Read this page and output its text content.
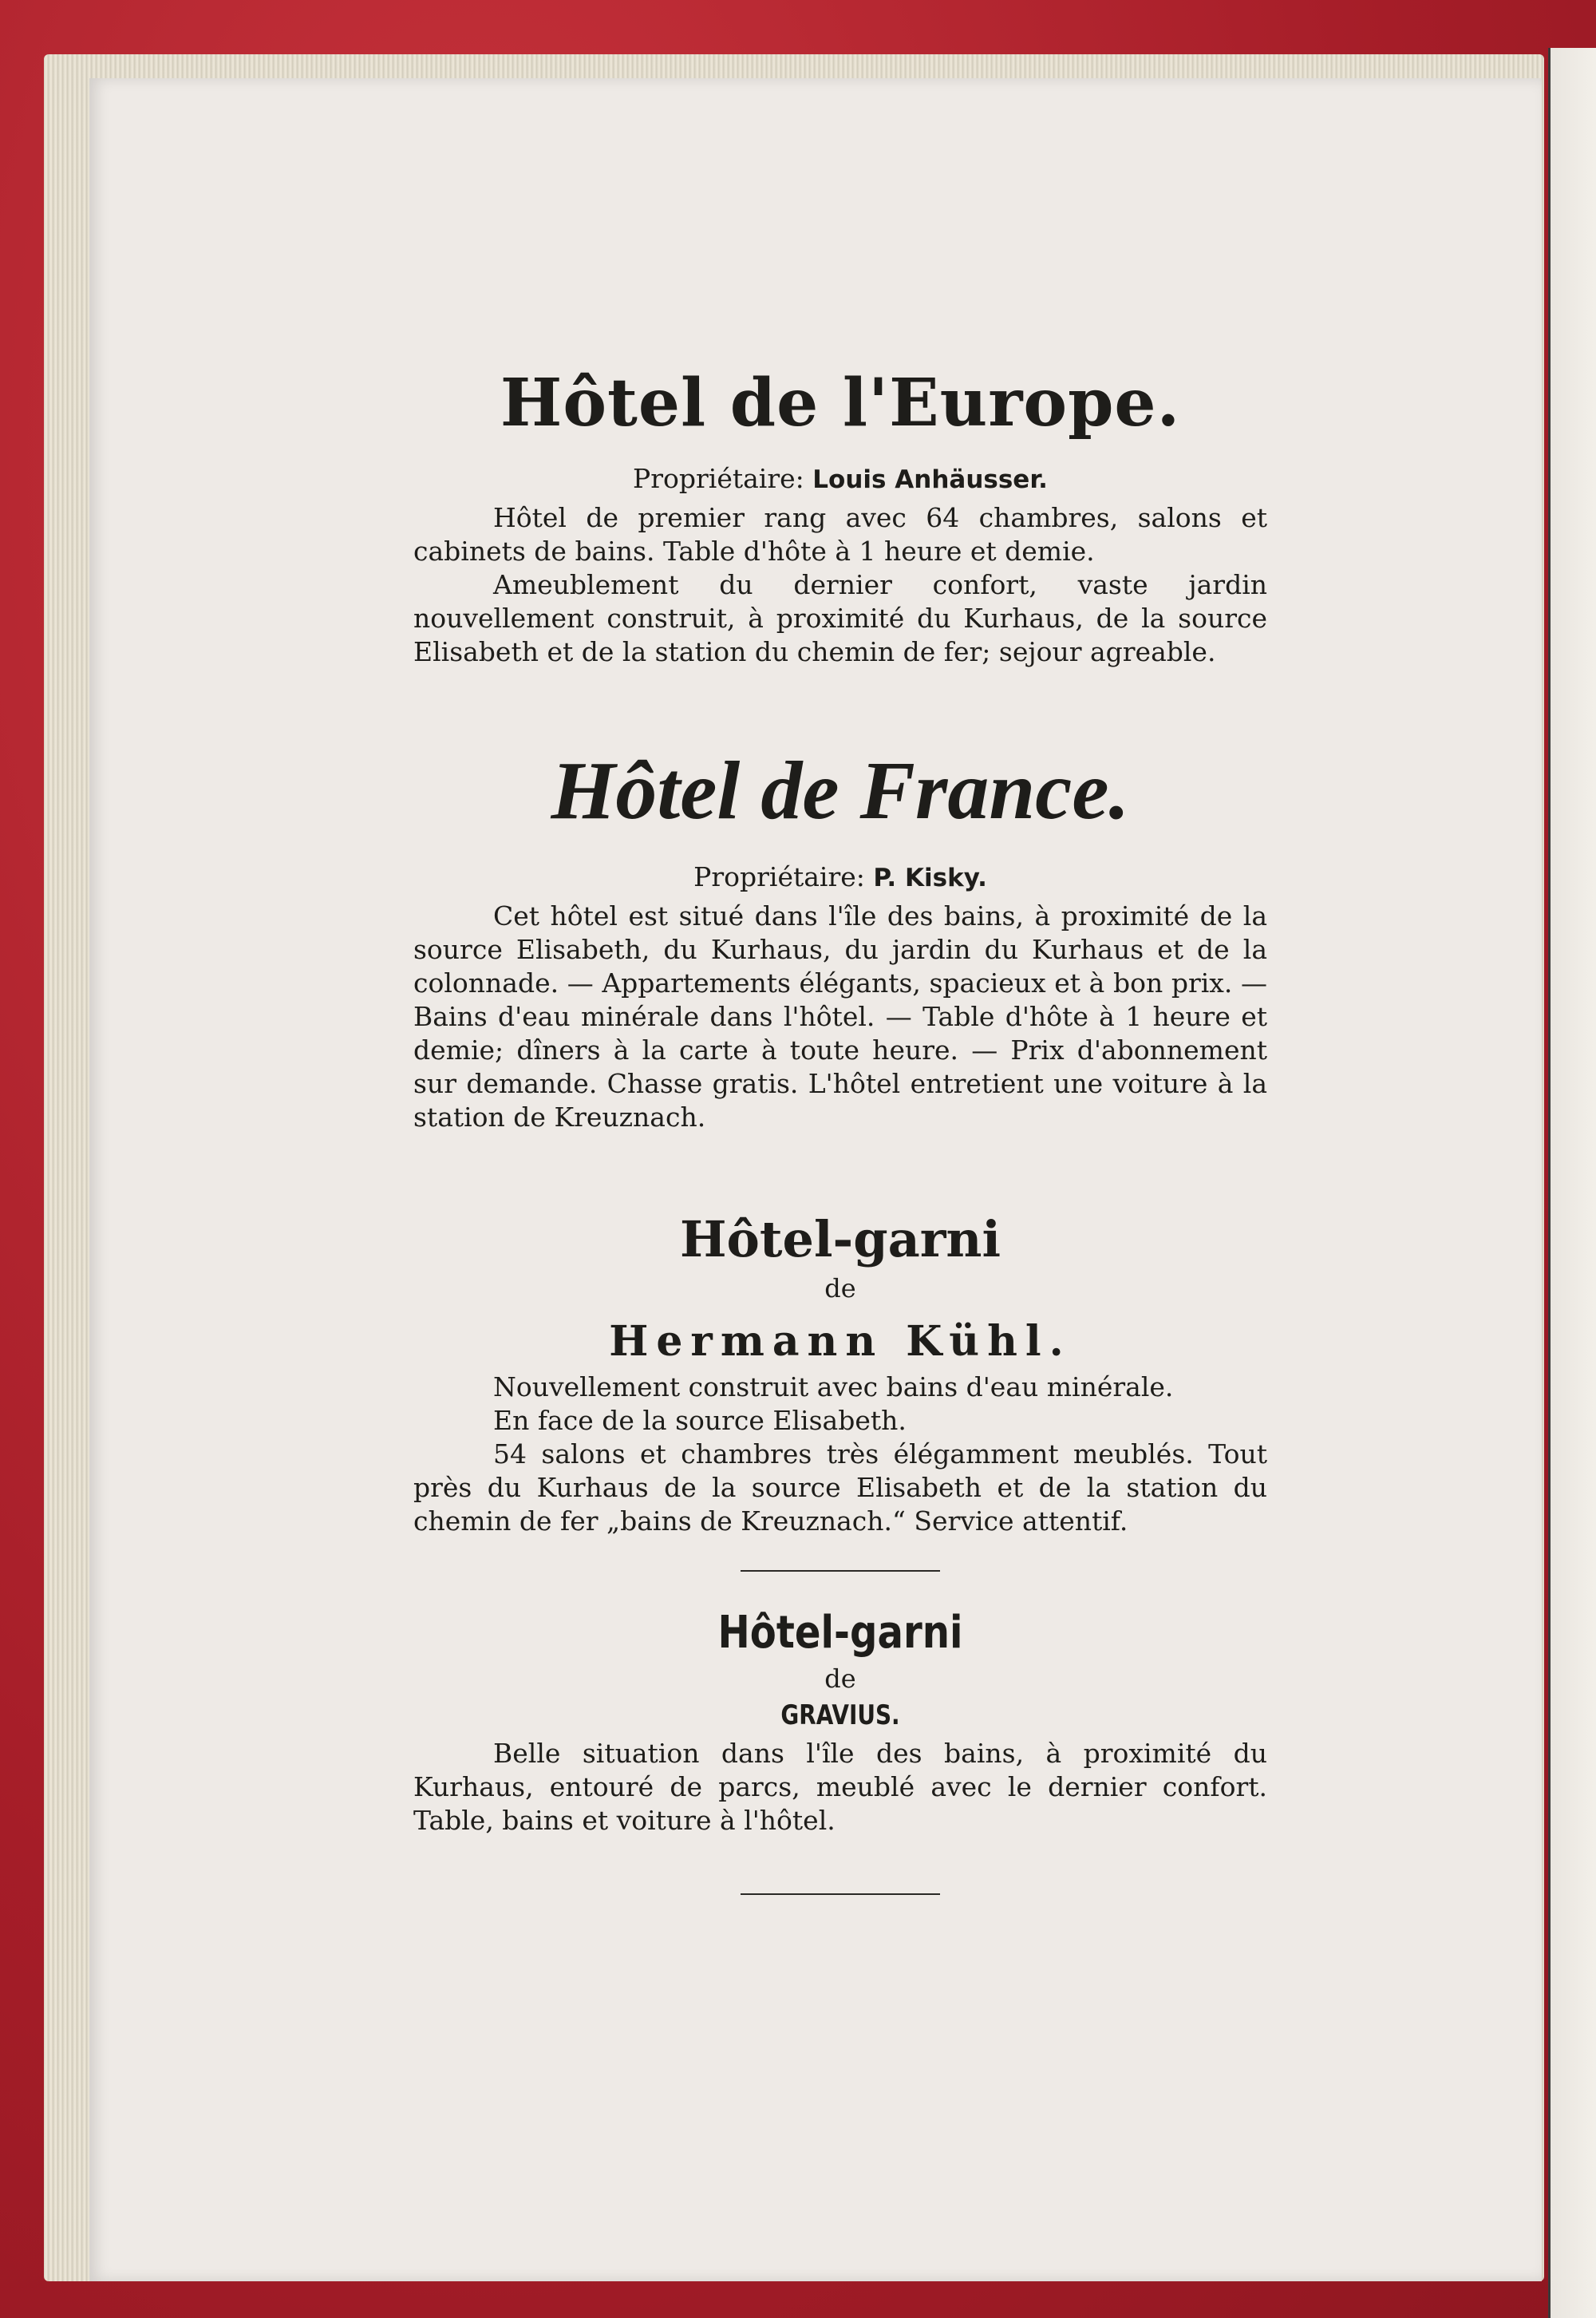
Hôtel de l'Europe.
Propriétaire: Louis Anhäusser.

Hôtel de premier rang avec 64 chambres, salons et cabinets de bains. Table d'hôte à 1 heure et demie.

Ameublement du dernier confort, vaste jardin nouvellement construit, à proximité du Kurhaus, de la source Elisabeth et de la station du chemin de fer; sejour agreable.

Hôtel de France.
Propriétaire: P. Kisky.

Cet hôtel est situé dans l'île des bains, à proximité de la source Elisabeth, du Kurhaus, du jardin du Kurhaus et de la colonnade. — Appartements élégants, spacieux et à bon prix. — Bains d'eau minérale dans l'hôtel. — Table d'hôte à 1 heure et demie; dîners à la carte à toute heure. — Prix d'abonnement sur demande. Chasse gratis. L'hôtel entretient une voiture à la station de Kreuznach.

Hôtel-garni
de
Hermann Kühl.

Nouvellement construit avec bains d'eau minérale.

En face de la source Elisabeth.

54 salons et chambres très élégamment meublés. Tout près du Kurhaus de la source Elisabeth et de la station du chemin de fer „bains de Kreuznach.“ Service attentif.

Hôtel-garni
de
GRAVIUS.

Belle situation dans l'île des bains, à proximité du Kurhaus, entouré de parcs, meublé avec le dernier confort. Table, bains et voiture à l'hôtel.
